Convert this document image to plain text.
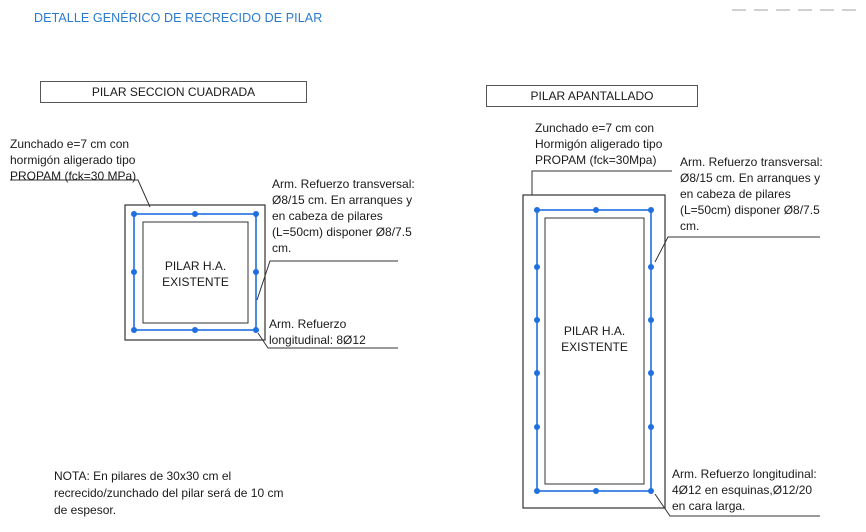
DETALLE GENÉRICO DE RECRECIDO DE PILAR
PILAR SECCION CUADRADA
Zunchado e=7 cm con
hormigón aligerado tipo
PROPAM (fck=30 MPa)
Arm. Refuerzo transversal:
Ø8/15 cm. En arranques y
en cabeza de pilares
(L=50cm) disponer Ø8/7.5
cm.
Arm. Refuerzo
longitudinal: 8Ø12
PILAR H.A.
EXISTENTE
PILAR APANTALLADO
Zunchado e=7 cm con
Hormigón aligerado tipo
PROPAM (fck=30Mpa)	Arm. Refuerzo transversal:
Ø8/15 cm. En arranques y
en cabeza de pilares
(L=50cm) disponer Ø8/7.5
cm.
Arm. Refuerzo longitudinal:
4Ø12 en esquinas,Ø12/20
en cara larga.
PILAR H.A.
EXISTENTE
NOTA: En pilares de 30x30 cm el
recrecido/zunchado del pilar será de 10 cm
de espesor.
